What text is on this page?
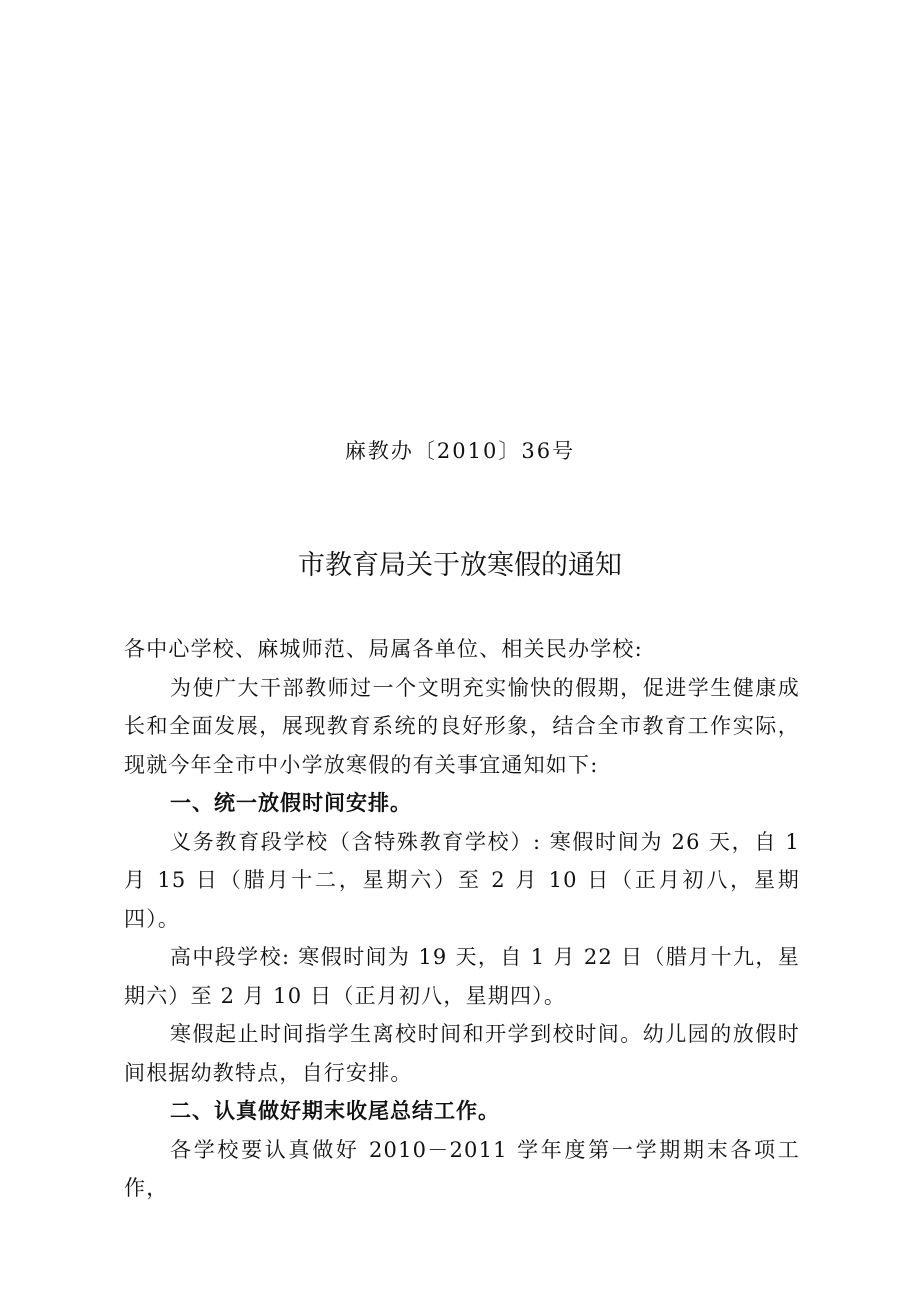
麻教办〔2010〕36号
市教育局关于放寒假的通知

各中心学校、麻城师范、局属各单位、相关民办学校:

为使广大干部教师过一个文明充实愉快的假期，促进学生健康成长和全面发展，展现教育系统的良好形象，结合全市教育工作实际，现就今年全市中小学放寒假的有关事宜通知如下:

一、统一放假时间安排。

义务教育段学校（含特殊教育学校）: 寒假时间为 26 天，自 1 月 15 日（腊月十二，星期六）至 2 月 10 日（正月初八，星期四）。

高中段学校: 寒假时间为 19 天，自 1 月 22 日（腊月十九，星期六）至 2 月 10 日（正月初八，星期四）。

寒假起止时间指学生离校时间和开学到校时间。幼儿园的放假时间根据幼教特点，自行安排。

二、认真做好期末收尾总结工作。

各学校要认真做好 2010－2011 学年度第一学期期末各项工作，
